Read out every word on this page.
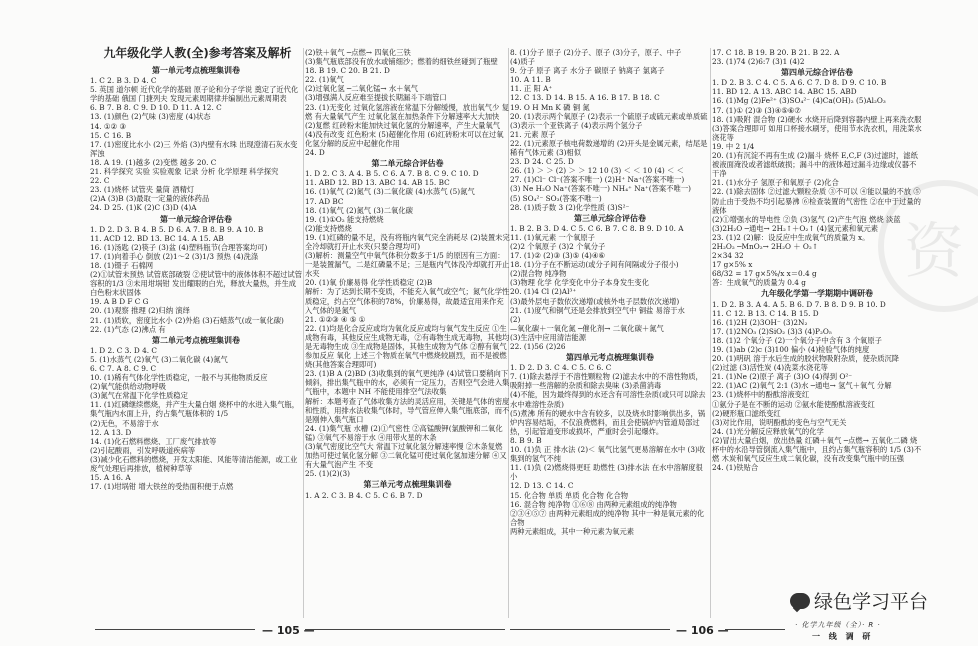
资
九年级化学人教(全)参考答案及解析
第一单元考点梳理集训卷
1. C 2. B 3. D 4. C
5. 英国 道尔顿 近代化学的基础 原子论和分子学说 奠定了近代化学的基础 俄国 门捷列夫 发现元素周期律并编制出元素周期表
6. B 7. B 8. C 9. D 10. D 11. A 12. C
13. (1)颜色 (2)气味 (3)密度 (4)状态
14. ①② ③
15. C 16. B
17. (1)密度比水小 (2)三 外焰 (3)内壁有水珠 出现澄清石灰水变浑浊
18. A 19. (1)越多 (2)变燃 越多 20. C
21. 科学探究 实验 实验观象 记录 分析 化学原理 科学探究
22. C
23. (1)烧杯 试管夹 量筒 酒精灯
(2)A (3)B (3)最取一定量的液体药品
24. D 25. (1)K (2)C (3)D (4)A
第一单元综合评估卷
1. D 2. D 3. B 4. B 5. D 6. A 7. B 8. B 9. A 10. B
11. ACD 12. BD 13. BC 14. A 15. AB
16. (1)汤匙 (2)筷子 (3)盆 (4)塑料瓶节(合理答案均可)
17. (1)向着手心 倒放 (2)1～2 (3)1/3 预热 (4)洗涤
18. (1)镊子 石棉网
(2)①试管未预热 试管底部破裂 ②使试管中的液体体积不超过试管容积的1/3 ③未用坩埚钳 发出耀眼的白光，释放大量热，并生成白色粉末状固体
19. A B D F C G
20. (1)观察 推理 (2)归纳 演绎
21. (1)质软，密度比水小 (2)外焰 (3)石蜡蒸气(或一氧化碳)
22. (1)气态 (2)沸点 有
第二单元考点梳理集训卷
1. D 2. C 3. D 4. C
5. (1)水蒸气 (2)氧气 (3)二氧化碳 (4)氮气
6. C 7. A 8. C 9. C
10. (1)稀有气体化学性质稳定，一般不与其他物质反应
(2)氧气能供给动物呼吸
(3)氮气在常温下化学性质稳定
11. (1)红磷继续燃烧，并产生大量白烟 烧杯中的水进入集气瓶，集气瓶内水面上升，约占集气瓶体积的 1/5
(2)无色，不易溶于水
12. A 13. D
14. (1)化石燃料燃烧、工厂废气排放等
(2)引起酸雨，引发呼吸道疾病等
(3)减少化石燃料的燃烧，开发太阳能、风能等清洁能源，或工业废气处理后再排放，植树种草等
15. A 16. A
17. (1)坩埚钳 增大铁丝的受热面积便于点燃
(2)铁＋氧气 ─点燃→ 四氧化三铁
(3)集气瓶底部没有放水或铺细沙；燃着的细铁丝碰到了瓶壁
18. B 19. C 20. B 21. D
22. (1)氧气
(2)过氧化氢 ─二氧化锰→ 水＋氧气
(3)增强满人反应难至提拔长期漏斗下端管口
23. (1)无变化 过氧化氢溶液在常温下分解缓慢，放出氧气少 复燃 有大量氧气产生 过氧化氢在加热条件下分解速率大大加快 (2)复燃 红砖粉末能加快过氧化氢的分解速率，产生大量氧气 (4)没有改变 红色粉末 (5)超催化作用 (6)红砖粉末可以在过氧化氢分解的反应中起催化作用
24. D
第二单元综合评估卷
1. D 2. C 3. A 4. B 5. C 6. A 7. B 8. C 9. C 10. D
11. ABD 12. BD 13. ABC 14. AB 15. BC
16. (1)氧气 (2)氮气 (3)二氧化碳 (4)水蒸气 (5)氮气
17. AD BC
18. (1)氧气 (2)氮气 (3)二氧化碳
19. (1)①O₂ 能支持燃烧
(2)能支持燃烧
19. (1)红磷的量不足，没有将瓶内氧气完全消耗尽 (2)装置未完全冷却就打开止水夹(只要合理均可)
(3)解析：测量空气中氧气体积分数多于1/5 的原因有三方面：一是装置漏气，二是红磷量不足；三是瓶内气体没冷却就打开止水夹
20. (1)氧 价廉易得 化学性质稳定 (2)B
解析：为了达到长期不变质，不能充入氧气或空气；氮气化学性质稳定，约占空气体积的78%，价廉易得，故最适宜用来作充入气体的是氮气
21. ①②③ ④ ⑤ ①
22. (1)均是化合反应或均为氧化反应或均与氧气发生反应 ①生成物有毒，其他反应生成物无毒，②有毒物生成无毒物，其他均是无毒物生成 ③生成物是固体，其他生成物为气体 ②醇有氧气参加反应 氧化 上述三个物质在氧气中燃烧较剧烈，而不是被燃烧(其他答案合理即可)
23. (1)B A (2)BD (3)收集到的氧气更纯净 (4)试管口要稍向下倾斜，排出集气瓶中的水，必须有一定压力，否则空气会进入集气瓶中，本题中 NH 不能使用排空气法收集
解析：本题考查了气体收集方法的灵活应用，关键是气体的密度和性质，用排水法收集气体时，导气管应伸入集气瓶底部，而不是刚伸入集气瓶口
24. (1)集气瓶 水槽 (2)①气密性 ②高锰酸钾(氯酸钾和二氧化锰) ③氧气不易溶于水 ④用带火星的木条
(3)氧气密度比空气大 常温下过氧化氢分解速率慢 ②木条复燃 加热可使过氧化氢分解 ③二氧化锰可使过氧化氢加速分解 ④又有大量气泡产生 不变
25. (1)(2)(3)
第三单元考点梳理集训卷
1. A 2. C 3. B 4. C 5. C 6. B 7. D
8. (1)分子 原子 (2)分子、原子 (3)分子，原子、中子
(4)质子
9. 分子 原子 离子 水分子 碳原子 钠离子 氯离子
10. A 11. B
11. 正 阳 A⁺
12. C 13. D 14. B 15. A 16. B 17. B 18. C
19. O H Mn K 磷 铜 氮
20. (1)表示两个氧原子 (2)表示一个硫原子或硫元素或单质硫 (3)表示一个亚铁离子 (4)表示两个氢分子
21. 元素 原子
22. (1)元素原子核电荷数递增的 (2)开头是金属元素，结尾是稀有气体元素 (3)相似
23. D 24. C 25. D
26. (1) ＞ ＞ (2) ＞ ＞ 12 10 (3) ＜ ＜ 10 (4) ＜ ＜
27. (1)Cl⁻ Cl⁻(答案不唯一) (2)H⁺ Na⁺(答案不唯一)
(3) Ne H₂O Na⁺(答案不唯一) NH₄⁺ Na⁺(答案不唯一)
(5) SO₄²⁻ SO₃(答案不唯一)
28. (1)质子数 3 (2)化学性质 (3)S²⁻
第三单元综合评估卷
1. B 2. B 3. D 4. C 5. C 6. B 7. C 8. B 9. D 10. A
11. (1)氧元素 一个氧原子
(2)2 个氧原子 (3)2 个氧分子
17. (1)② (2)③ (3)⑤ (4)④⑥
18. (1)分子在不断运动(或分子间有间隔或分子很小)
(2)混合物 纯净物
(3)物理 化学 化学变化中分子本身发生变化
20. (1)4 Cl (2)Al³⁺
(3)最外层电子数依次递增(或核外电子层数依次递增)
21. (1)度气和铜气还是会排放到空气中 铜盐 易溶于水
(2)
—氧化碳＋一氧化氮 ─催化剂→ 二氧化碳＋氮气
(3)生活中应用清洁能源
22. (1)56 (2)26
第四单元考点梳理集训卷
1. D 2. D 3. C 4. C 5. C 6. C
7. (1)除去悬浮于不溶性颗粒物 (2)滤去水中的不溶性物质，吸附掉一些溶解的杂质和除去臭味 (3)杀菌消毒
(4)不能，因为最终得到的水还含有可溶性杂质(或只可以除去水中难溶性杂质)
(5)煮沸 所有的硬水中含有较多，以及烧水时影响供出多，锅炉内容易结垢，不仅浪费燃料，而且会使锅炉内管道局部过热，引起管道变形或损坏，严重时会引起爆炸。
8. B 9. B
10. (1)负 正 排水法 (2)＜ 氧气比氢气更易溶解在水中 (3)收集到的氢气不纯
11. (1)负 (2)燃烧得更旺 助燃性 (3)排水法 在水中溶解度很小
12. D 13. C 14. C
15. 化合物 单质 单质 化合物 化合物
16. 混合物 纯净物 ①⑥⑧ 由两种元素组成的纯净物
②③④⑤⑦ 由两种元素组成的纯净物 其中一种是氧元素的化合物
两种元素组成，其中一种元素为氧元素
17. C 18. B 19. B 20. B 21. B 22. A
23. (1)74 (2)6:7 (3)1 (4)2
第四单元综合评估卷
1. D 2. B 3. C 4. C 5. A 6. C 7. D 8. D 9. C 10. B
11. BD 12. A 13. ABC 14. ABC 15. ABD
16. (1)Mg (2)Fe²⁺ (3)SO₄²⁻ (4)Ca(OH)₂ (5)Al₂O₃
17. (1)① (2)③ (3)④⑤⑥⑦
18. (1)吸附 混合物 (2)硬水 水烧开后降到容器内壁上再来洗衣服 (3)答案合理即可 如用口杯接水刷牙，使用节水洗衣机，用洗菜水浇花等
19. 中 2 1/4
20. (1)有沉淀不再有生成 (2)漏斗 烧杯 E,C,F (3)过滤时，滤纸被液面淹没或者滤纸破损；漏斗中的液体超过漏斗边缘或仪器不干净
21. (1)水分子 氢原子和氧原子 (2)化合
22. (1)除去固体 ②过滤大颗粒杂质 ③不可以 ④能以量的不放 ⑤防止由于受热不均引起暴沸 ⑥检查装置的气密性 ②在中于过量的液体
(2)①增强水的导电性 ②负 (3)氢气 (2)产生气泡 燃烧 淡蓝
(3)2H₂O ─通电→ 2H₂↑＋O₂↑ (4)氢元素和氧元素
23. (1)2 (2)解：设反应中生成氧气的质量为 x。
2H₂O₂ ─MnO₂→ 2H₂O ＋ O₂↑
2×34 32
17 g×5% x
68/32 = 17 g×5%/x x＝0.4 g
答：生成氧气的质量为 0.4 g
九年级化学第一学期期中调研卷
1. D 2. B 3. A 4. A 5. B 6. D 7. B 8. D 9. B 10. D
11. C 12. B 13. C 14. B 15. D
16. (1)2H (2)3OH⁻ (3)2N₂
17. (1)2NO₃ (2)SiO₂ (3)3 (4)P₂O₅
18. (1)2 个氧分子 (2)一个氧分子中含有 3 个氧原子
19. (1)ab (2)c (3)100 偏小 (4)检验气体的纯度
20. (1)明矾 溶于水后生成的胶状物吸附杂质，使杂质沉降
(2)过滤 (3)活性炭 (4)洗菜水浇花等
21. (1)Ne (2)原子 离子 (3)O (4)得到 O²⁻
22. (1)AC (2)氧气 2:1 (3)水 ─通电→ 氢气＋氧气 分解
23. (1)烧杯中的酚酞溶液变红
①氨分子是在不断的运动 ②氨水能使酚酞溶液变红
(2)硬形瓶口滤纸变红
(3)对比作用，说明酚酞的变色与空气无关
24. (1)光分解反应释放氧气的化学
(2)冒出大量白烟，放出热量 红磷＋氧气 ─点燃→ 五氧化二磷 烧杯中的水沿导管倒流入集气瓶中，且约占集气瓶容积的 1/5 (3)不燃 木炭和氧气反应生成二氧化碳，没有改变集气瓶中的压强
24. (1)铁贴合
— 105 —	— 106 —
绿色学习平台
· 化学九年级（全）· R ·
一 线 调 研
